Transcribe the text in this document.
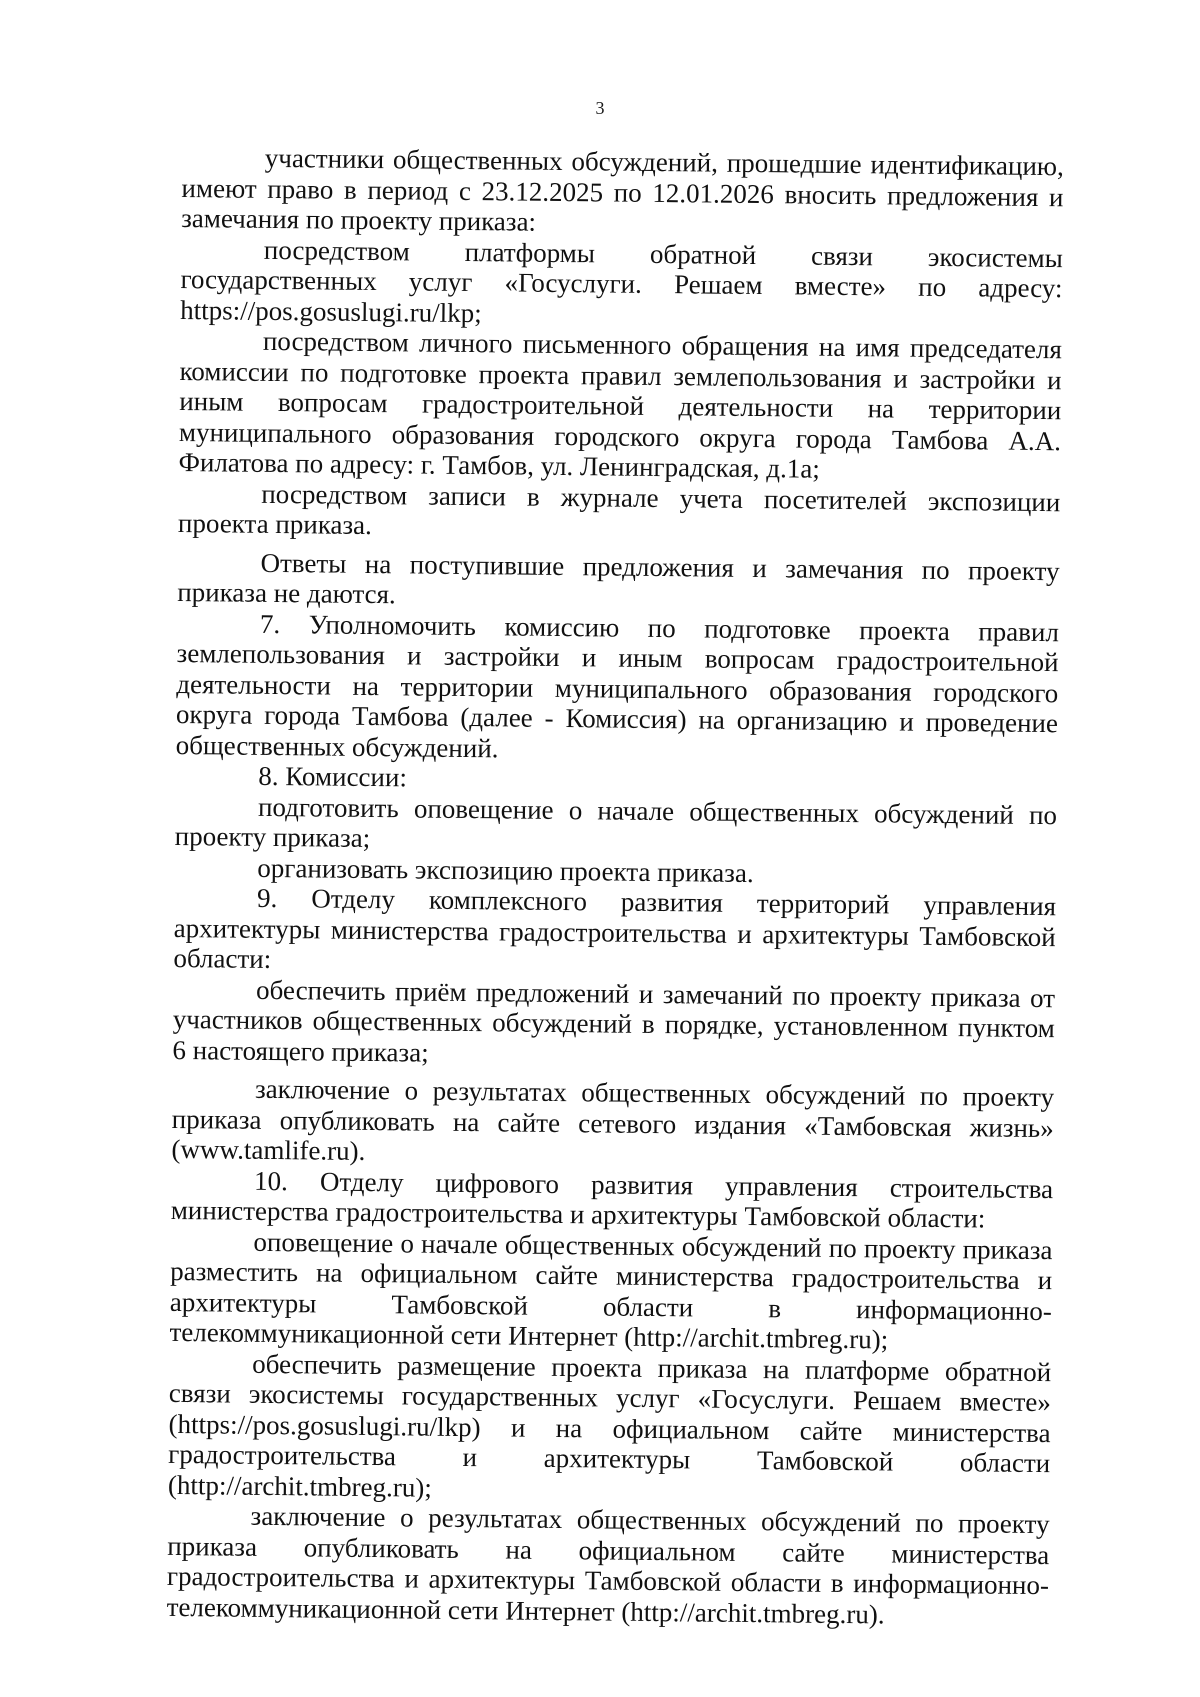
3

участники общественных обсуждений, прошедшие идентификацию, имеют право в период с 23.12.2025 по 12.01.2026 вносить предложения и замечания по проекту приказа:

посредством платформы обратной связи экосистемы государственных услуг «Госуслуги. Решаем вместе» по адресу: https://pos.gosuslugi.ru/lkp;

посредством личного письменного обращения на имя председателя комиссии по подготовке проекта правил землепользования и застройки и иным вопросам градостроительной деятельности на территории муниципального образования городского округа города Тамбова А.А. Филатова по адресу: г. Тамбов, ул. Ленинградская, д.1а;

посредством записи в журнале учета посетителей экспозиции проекта приказа.

Ответы на поступившие предложения и замечания по проекту приказа не даются.

7. Уполномочить комиссию по подготовке проекта правил землепользования и застройки и иным вопросам градостроительной деятельности на территории муниципального образования городского округа города Тамбова (далее - Комиссия) на организацию и проведение общественных обсуждений.

8. Комиссии:

подготовить оповещение о начале общественных обсуждений по проекту приказа;

организовать экспозицию проекта приказа.

9. Отделу комплексного развития территорий управления архитектуры министерства градостроительства и архитектуры Тамбовской области:

обеспечить приём предложений и замечаний по проекту приказа от участников общественных обсуждений в порядке, установленном пунктом 6 настоящего приказа;

заключение о результатах общественных обсуждений по проекту приказа опубликовать на сайте сетевого издания «Тамбовская жизнь» (www.tamlife.ru).

10. Отделу цифрового развития управления строительства министерства градостроительства и архитектуры Тамбовской области:

оповещение о начале общественных обсуждений по проекту приказа разместить на официальном сайте министерства градостроительства и архитектуры Тамбовской области в информационно-телекоммуникационной сети Интернет (http://archit.tmbreg.ru);

обеспечить размещение проекта приказа на платформе обратной связи экосистемы государственных услуг «Госуслуги. Решаем вместе» (https://pos.gosuslugi.ru/lkp) и на официальном сайте министерства градостроительства и архитектуры Тамбовской области (http://archit.tmbreg.ru);

заключение о результатах общественных обсуждений по проекту приказа опубликовать на официальном сайте министерства градостроительства и архитектуры Тамбовской области в информационно-телекоммуникационной сети Интернет (http://archit.tmbreg.ru).
